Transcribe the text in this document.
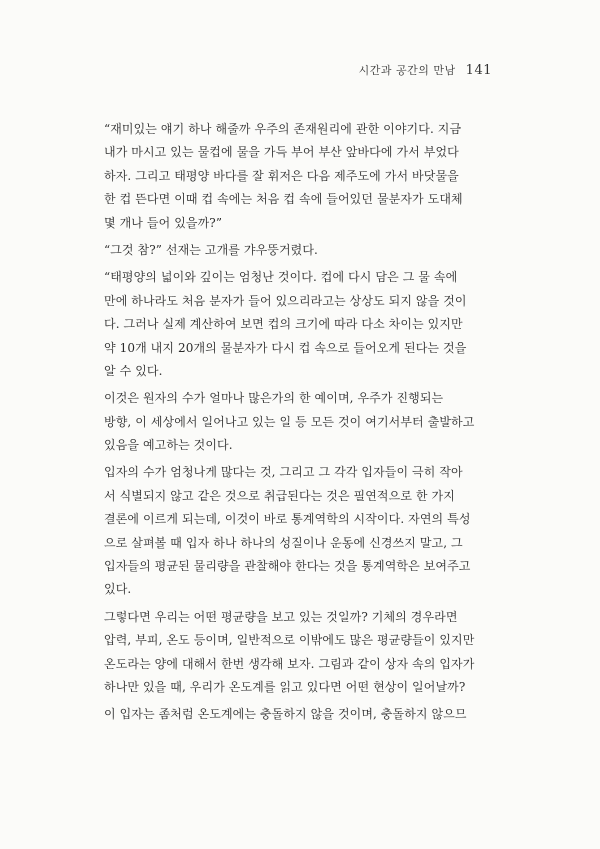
시간과 공간의 만남 141
“재미있는 얘기 하나 해줄까 우주의 존재원리에 관한 이야기다. 지금
내가 마시고 있는 물컵에 물을 가득 부어 부산 앞바다에 가서 부었다
하자. 그리고 태평양 바다를 잘 휘저은 다음 제주도에 가서 바닷물을
한 컵 뜬다면 이때 컵 속에는 처음 컵 속에 들어있던 물분자가 도대체
몇 개나 들어 있을까?”
“그것 참?” 선재는 고개를 갸우뚱거렸다.
“태평양의 넓이와 깊이는 엄청난 것이다. 컵에 다시 담은 그 물 속에
만에 하나라도 처음 분자가 들어 있으리라고는 상상도 되지 않을 것이
다. 그러나 실제 계산하여 보면 컵의 크기에 따라 다소 차이는 있지만
약 10개 내지 20개의 물분자가 다시 컵 속으로 들어오게 된다는 것을
알 수 있다.
이것은 원자의 수가 얼마나 많은가의 한 예이며, 우주가 진행되는
방향, 이 세상에서 일어나고 있는 일 등 모든 것이 여기서부터 출발하고
있음을 예고하는 것이다.
입자의 수가 엄청나게 많다는 것, 그리고 그 각각 입자들이 극히 작아
서 식별되지 않고 같은 것으로 취급된다는 것은 필연적으로 한 가지
결론에 이르게 되는데, 이것이 바로 통계역학의 시작이다. 자연의 특성
으로 살펴볼 때 입자 하나 하나의 성질이나 운동에 신경쓰지 말고, 그
입자들의 평균된 물리량을 관찰해야 한다는 것을 통계역학은 보여주고
있다.
그렇다면 우리는 어떤 평균량을 보고 있는 것일까? 기체의 경우라면
압력, 부피, 온도 등이며, 일반적으로 이밖에도 많은 평균량들이 있지만
온도라는 양에 대해서 한번 생각해 보자. 그림과 같이 상자 속의 입자가
하나만 있을 때, 우리가 온도계를 읽고 있다면 어떤 현상이 일어날까?
이 입자는 좀처럼 온도계에는 충돌하지 않을 것이며, 충돌하지 않으므
